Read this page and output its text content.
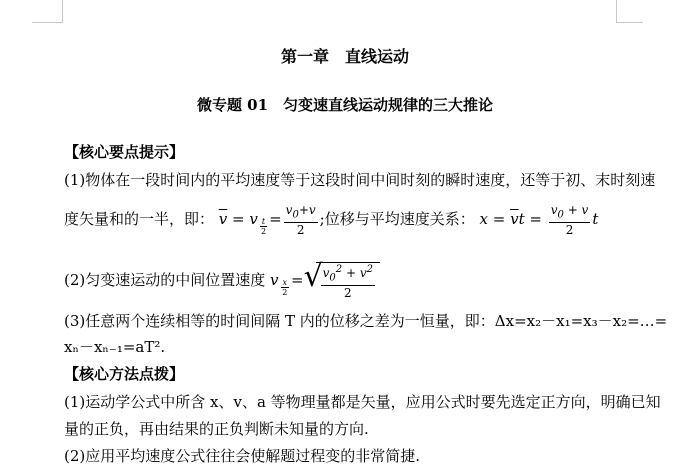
第一章　直线运动
微专题 01　匀变速直线运动规律的三大推论
【核心要点提示】
(1)物体在一段时间内的平均速度等于这段时间中间时刻的瞬时速度，还等于初、末时刻速
度矢量和的一半，即： $\overline{v} = v$ $_{\frac{t}{2}} = \frac{v_0+v}{2}$ ;位移与平均速度关系： $x = \overline{v}t = \frac{v_0 + v}{2}$ t
(2)匀变速运动的中间位置速度 v $_{\frac{x}{2}}$ = √
$\frac{v_0^2 + v^2}{2}$
(3)任意两个连续相等的时间间隔 T 内的位移之差为一恒量，即：Δx=x₂－x₁=x₃－x₂=…=
xₙ－xₙ₋₁=aT².
【核心方法点拨】
(1)运动学公式中所含 x、v、a 等物理量都是矢量，应用公式时要先选定正方向，明确已知
量的正负，再由结果的正负判断未知量的方向.
(2)应用平均速度公式往往会使解题过程变的非常简捷.
